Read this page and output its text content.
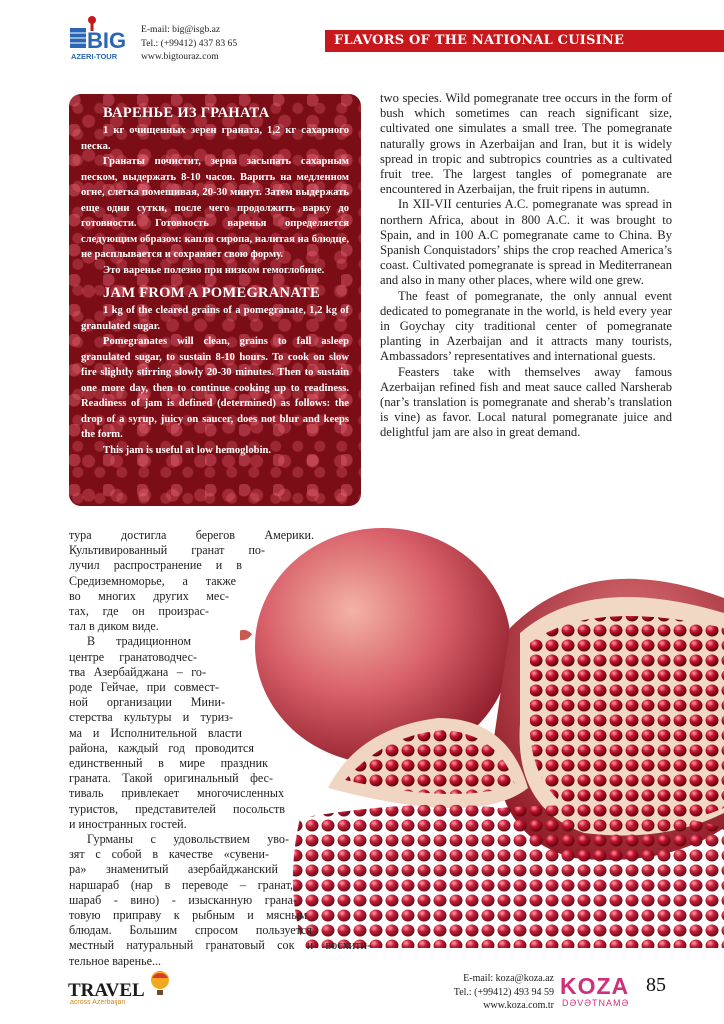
BIG
AZERI-TOUR
E-mail: big@isgb.az
Tel.: (+99412) 437 83 65
www.bigtouraz.com
FLAVORS OF THE NATIONAL CUISINE
ВАРЕНЬЕ ИЗ ГРАНАТА

1 кг очищенных зерен граната, 1,2 кг сахарного песка.

Гранаты почистит, зерна засыпать сахарным песком, выдержать 8-10 часов. Варить на медленном огне, слегка помешивая, 20-30 минут. Затем выдержать еще одни сутки, после чего продолжить варку до готовности. Готовность варенья определяется следующим образом: капля сиропа, налитая на блюдце, не расплывается и сохраняет свою форму.

Это варенье полезно при низком гемоглобине.

JAM FROM A POMEGRANATE

1 kg of the cleared grains of a pomegranate, 1,2 kg of granulated sugar.

Pomegranates will clean, grains to fall asleep granulated sugar, to sustain 8-10 hours. To cook on slow fire slightly stirring slowly 20-30 minutes. Then to sustain one more day, then to continue cooking up to readiness. Readiness of jam is defined (determined) as follows: the drop of a syrup, juicy on saucer, does not blur and keeps the form.

This jam is useful at low hemoglobin.

two species. Wild pomegranate tree occurs in the form of bush which sometimes can reach significant size, cultivated one simulates a small tree. The pomegranate naturally grows in Azerbaijan and Iran, but it is widely spread in tropic and subtropics countries as a cultivated fruit tree. The largest tangles of pomegranate are encountered in Azerbaijan, the fruit ripens in autumn.

In XII-VII centuries A.C. pomegranate was spread in northern Africa, about in 800 A.C. it was brought to Spain, and in 100 A.C pomegranate came to China. By Spanish Conquistadors’ ships the crop reached America’s coast. Cultivated pomegranate is spread in Mediterranean and also in many other places, where wild one grew.

The feast of pomegranate, the only annual event dedicated to pomegranate in the world, is held every year in Goychay city traditional center of pomegranate planting in Azerbaijan and it attracts many tourists, Ambassadors’ representatives and international guests.

Feasters take with themselves away famous Azerbaijan refined fish and meat sauce called Narsherab (nar’s translation is pomegranate and sherab’s translation is vine) as favor. Local natural pomegranate juice and delightful jam are also in great demand.

тура достигла берегов Америки.
Культивированный гранат по-
лучил распространение и в
Средиземноморье, а также
во многих других мес-
тах, где он произрас-
тал в диком виде.
В традиционном
центре гранатоводчес-
тва Азербайджана – го-
роде Гейчае, при совмест-
ной организации Мини-
стерства культуры и туриз-
ма и Исполнительной власти
района, каждый год проводится
единственный в мире праздник
граната. Такой оригинальный фес-
тиваль привлекает многочисленных
туристов, представителей посольств
и иностранных гостей.
Гурманы с удовольствием уво-
зят с собой в качестве «сувени-
ра» знаменитый азербайджанский
наршараб (нар в переводе – гранат,
шараб - вино) - изысканную грана-
товую приправу к рыбным и мясным
блюдам. Большим спросом пользуется
местный натуральный гранатовый сок и восхити-
тельное варенье...
TRAVEL
across Azerbaijan
E-mail: koza@koza.az
Tel.: (+99412) 493 94 59
www.koza.com.tr
KOZA
DƏVƏTNAMƏ
85
